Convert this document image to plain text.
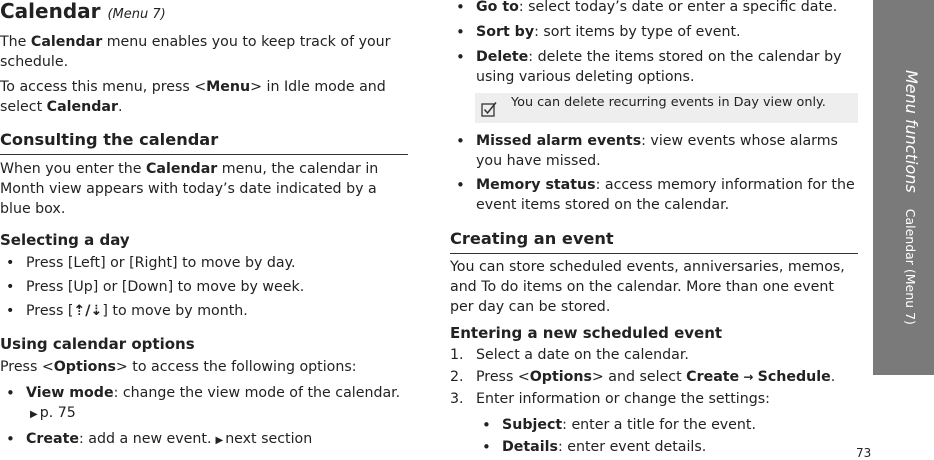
Calendar (Menu 7)

The Calendar menu enables you to keep track of your schedule.

To access this menu, press <Menu> in Idle mode and select Calendar.

Consulting the calendar

When you enter the Calendar menu, the calendar in Month view appears with today’s date indicated by a blue box.

Selecting a day
• Press [Left] or [Right] to move by day.
• Press [Up] or [Down] to move by week.
• Press [⇡/⇣] to move by month.
Using calendar options

Press <Options> to access the following options:

• View mode: change the view mode of the calendar.▶ p. 75
• Create: add a new event. ▶ next section
• Go to: select today’s date or enter a specific date.
• Sort by: sort items by type of event.
• Delete: delete the items stored on the calendar by using various deleting options.
You can delete recurring events in Day view only.
• Missed alarm events: view events whose alarms you have missed.
• Memory status: access memory information for the event items stored on the calendar.
Creating an event

You can store scheduled events, anniversaries, memos, and To do items on the calendar. More than one event per day can be stored.

Entering a new scheduled event
1. Select a date on the calendar.
2. Press <Options> and select Create → Schedule.
3. Enter information or change the settings:
• Subject: enter a title for the event.
• Details: enter event details.
Menu functionsCalendar (Menu 7)
73
